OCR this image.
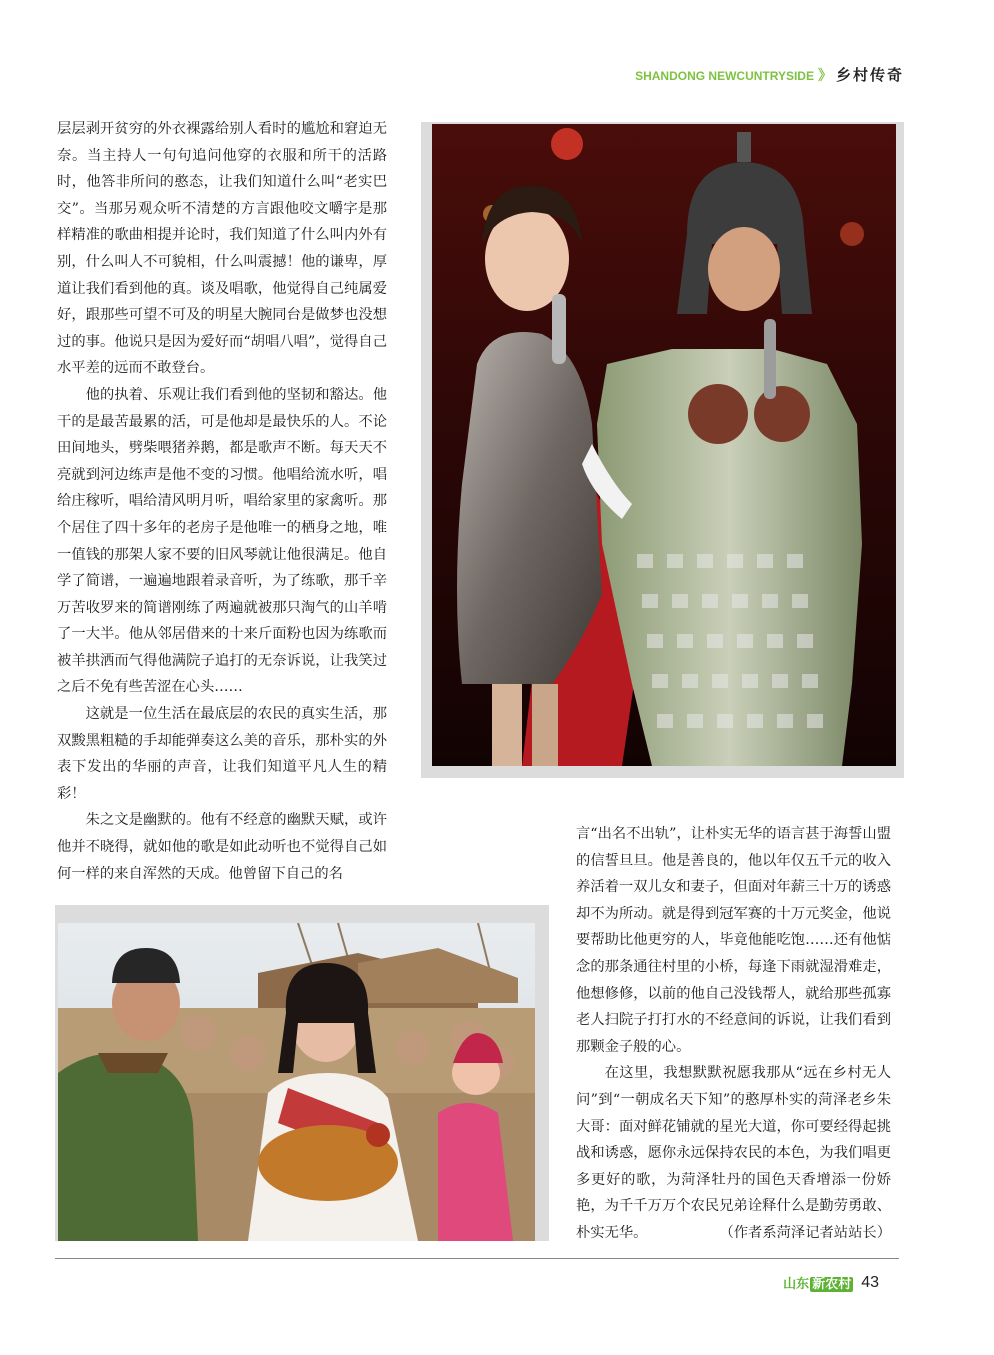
SHANDONG NEWCUNTRYSIDE 》 乡村传奇

层层剥开贫穷的外衣裸露给别人看时的尴尬和窘迫无奈。当主持人一句句追问他穿的衣服和所干的活路时，他答非所问的憨态，让我们知道什么叫“老实巴交”。当那另观众听不清楚的方言跟他咬文嚼字是那样精准的歌曲相提并论时，我们知道了什么叫内外有别，什么叫人不可貌相，什么叫震撼！他的谦卑，厚道让我们看到他的真。谈及唱歌，他觉得自己纯属爱好，跟那些可望不可及的明星大腕同台是做梦也没想过的事。他说只是因为爱好而“胡唱八唱”，觉得自己水平差的远而不敢登台。

他的执着、乐观让我们看到他的坚韧和豁达。他干的是最苦最累的活，可是他却是最快乐的人。不论田间地头，劈柴喂猪养鹅，都是歌声不断。每天天不亮就到河边练声是他不变的习惯。他唱给流水听，唱给庄稼听，唱给清风明月听，唱给家里的家禽听。那个居住了四十多年的老房子是他唯一的栖身之地，唯一值钱的那架人家不要的旧风琴就让他很满足。他自学了简谱，一遍遍地跟着录音听，为了练歌，那千辛万苦收罗来的简谱刚练了两遍就被那只淘气的山羊啃了一大半。他从邻居借来的十来斤面粉也因为练歌而被羊拱洒而气得他满院子追打的无奈诉说，让我笑过之后不免有些苦涩在心头……

这就是一位生活在最底层的农民的真实生活，那双黢黑粗糙的手却能弹奏这么美的音乐，那朴实的外表下发出的华丽的声音，让我们知道平凡人生的精彩！

朱之文是幽默的。他有不经意的幽默天赋，或许他并不晓得，就如他的歌是如此动听也不觉得自己如何一样的来自浑然的天成。他曾留下自己的名

言“出名不出轨”，让朴实无华的语言甚于海誓山盟的信誓旦旦。他是善良的，他以年仅五千元的收入养活着一双儿女和妻子，但面对年薪三十万的诱惑却不为所动。就是得到冠军赛的十万元奖金，他说要帮助比他更穷的人，毕竟他能吃饱……还有他惦念的那条通往村里的小桥，每逢下雨就湿滑难走，他想修修，以前的他自己没钱帮人，就给那些孤寡老人扫院子打打水的不经意间的诉说，让我们看到那颗金子般的心。

在这里，我想默默祝愿我那从“远在乡村无人问”到“一朝成名天下知”的憨厚朴实的菏泽老乡朱大哥：面对鲜花铺就的星光大道，你可要经得起挑战和诱惑，愿你永远保持农民的本色，为我们唱更多更好的歌，为菏泽牡丹的国色天香增添一份娇艳，为千千万万个农民兄弟诠释什么是勤劳勇敢、朴实无华。	（作者系菏泽记者站站长）

山东 新农村 43
